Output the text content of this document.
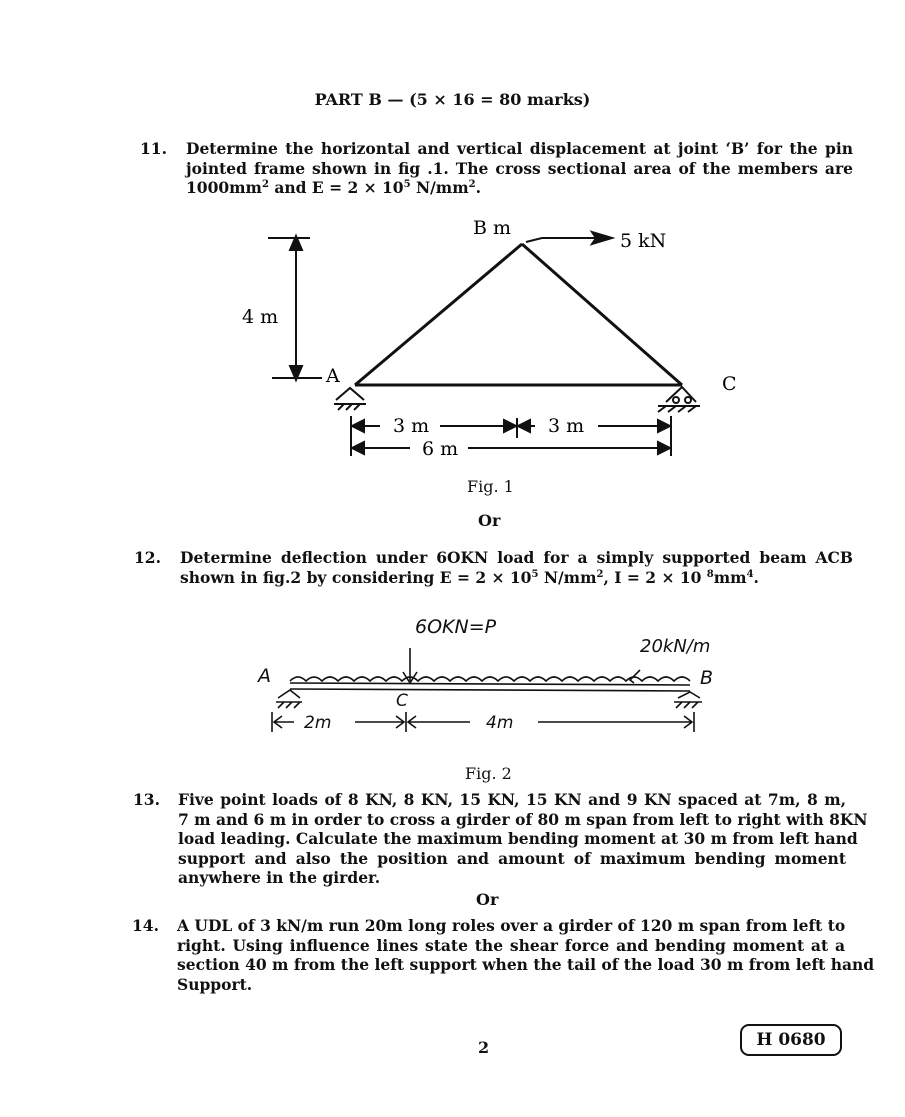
PART B — (5 × 16 = 80 marks)
11. Determine the horizontal and vertical displacement at joint ‘B’ for the pin
jointed frame shown in fig .1. The cross sectional area of the members are
$1000mm^2$ and $E = 2 \times 10^5$ $N/mm^2$.
B m
5 kN
4 m
A	C
3 m	3 m
6 m
Fig. 1
Or
12. Determine deflection under 6OKN load for a simply supported beam ACB
shown in fig.2 by considering $E = 2 \times 10^5$ $N/mm^2$, I = 2 × 10 $^8mm^4$.
6OKN=P
20kN/m
A	B
C
2m	4m
Fig. 2
13. Five point loads of 8 KN, 8 KN, 15 KN, 15 KN and 9 KN spaced at 7m, 8 m,
7 m and 6 m in order to cross a girder of 80 m span from left to right with 8KN
load leading. Calculate the maximum bending moment at 30 m from left hand
support and also the position and amount of maximum bending moment
anywhere in the girder.
Or
14. A UDL of 3 kN/m run 20m long roles over a girder of 120 m span from left to
right. Using influence lines state the shear force and bending moment at a
section 40 m from the left support when the tail of the load 30 m from left hand
Support.
2	H 0680
